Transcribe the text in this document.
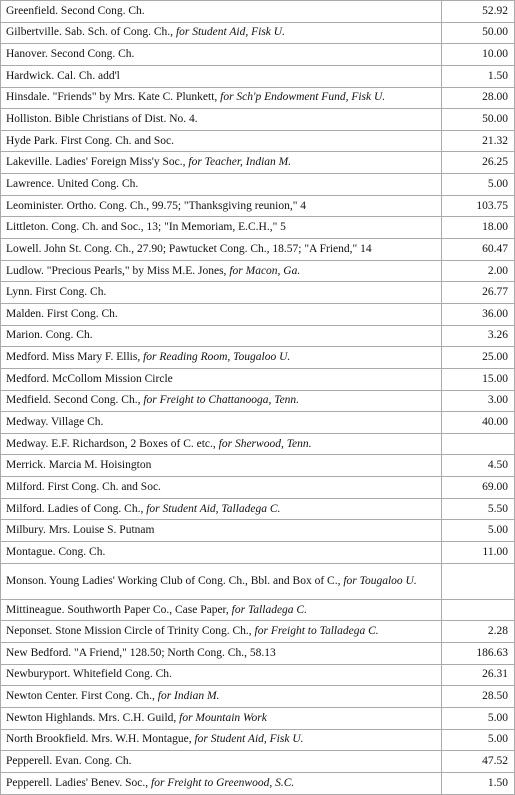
Greenfield. Second Cong. Ch.	52.92
Gilbertville. Sab. Sch. of Cong. Ch., for Student Aid, Fisk U.	50.00
Hanover. Second Cong. Ch.	10.00
Hardwick. Cal. Ch. add'l	1.50
Hinsdale. "Friends" by Mrs. Kate C. Plunkett, for Sch'p Endowment Fund, Fisk U.	28.00
Holliston. Bible Christians of Dist. No. 4.	50.00
Hyde Park. First Cong. Ch. and Soc.	21.32
Lakeville. Ladies' Foreign Miss'y Soc., for Teacher, Indian M.	26.25
Lawrence. United Cong. Ch.	5.00
Leominister. Ortho. Cong. Ch., 99.75; "Thanksgiving reunion," 4	103.75
Littleton. Cong. Ch. and Soc., 13; "In Memoriam, E.C.H.," 5	18.00
Lowell. John St. Cong. Ch., 27.90; Pawtucket Cong. Ch., 18.57; "A Friend," 14	60.47
Ludlow. "Precious Pearls," by Miss M.E. Jones, for Macon, Ga.	2.00
Lynn. First Cong. Ch.	26.77
Malden. First Cong. Ch.	36.00
Marion. Cong. Ch.	3.26
Medford. Miss Mary F. Ellis, for Reading Room, Tougaloo U.	25.00
Medford. McCollom Mission Circle	15.00
Medfield. Second Cong. Ch., for Freight to Chattanooga, Tenn.	3.00
Medway. Village Ch.	40.00
Medway. E.F. Richardson, 2 Boxes of C. etc., for Sherwood, Tenn.	
Merrick. Marcia M. Hoisington	4.50
Milford. First Cong. Ch. and Soc.	69.00
Milford. Ladies of Cong. Ch., for Student Aid, Talladega C.	5.50
Milbury. Mrs. Louise S. Putnam	5.00
Montague. Cong. Ch.	11.00
Monson. Young Ladies' Working Club of Cong. Ch., Bbl. and Box of C., for Tougaloo U.	
Mittineague. Southworth Paper Co., Case Paper, for Talladega C.	
Neponset. Stone Mission Circle of Trinity Cong. Ch., for Freight to Talladega C.	2.28
New Bedford. "A Friend," 128.50; North Cong. Ch., 58.13	186.63
Newburyport. Whitefield Cong. Ch.	26.31
Newton Center. First Cong. Ch., for Indian M.	28.50
Newton Highlands. Mrs. C.H. Guild, for Mountain Work	5.00
North Brookfield. Mrs. W.H. Montague, for Student Aid, Fisk U.	5.00
Pepperell. Evan. Cong. Ch.	47.52
Pepperell. Ladies' Benev. Soc., for Freight to Greenwood, S.C.	1.50
